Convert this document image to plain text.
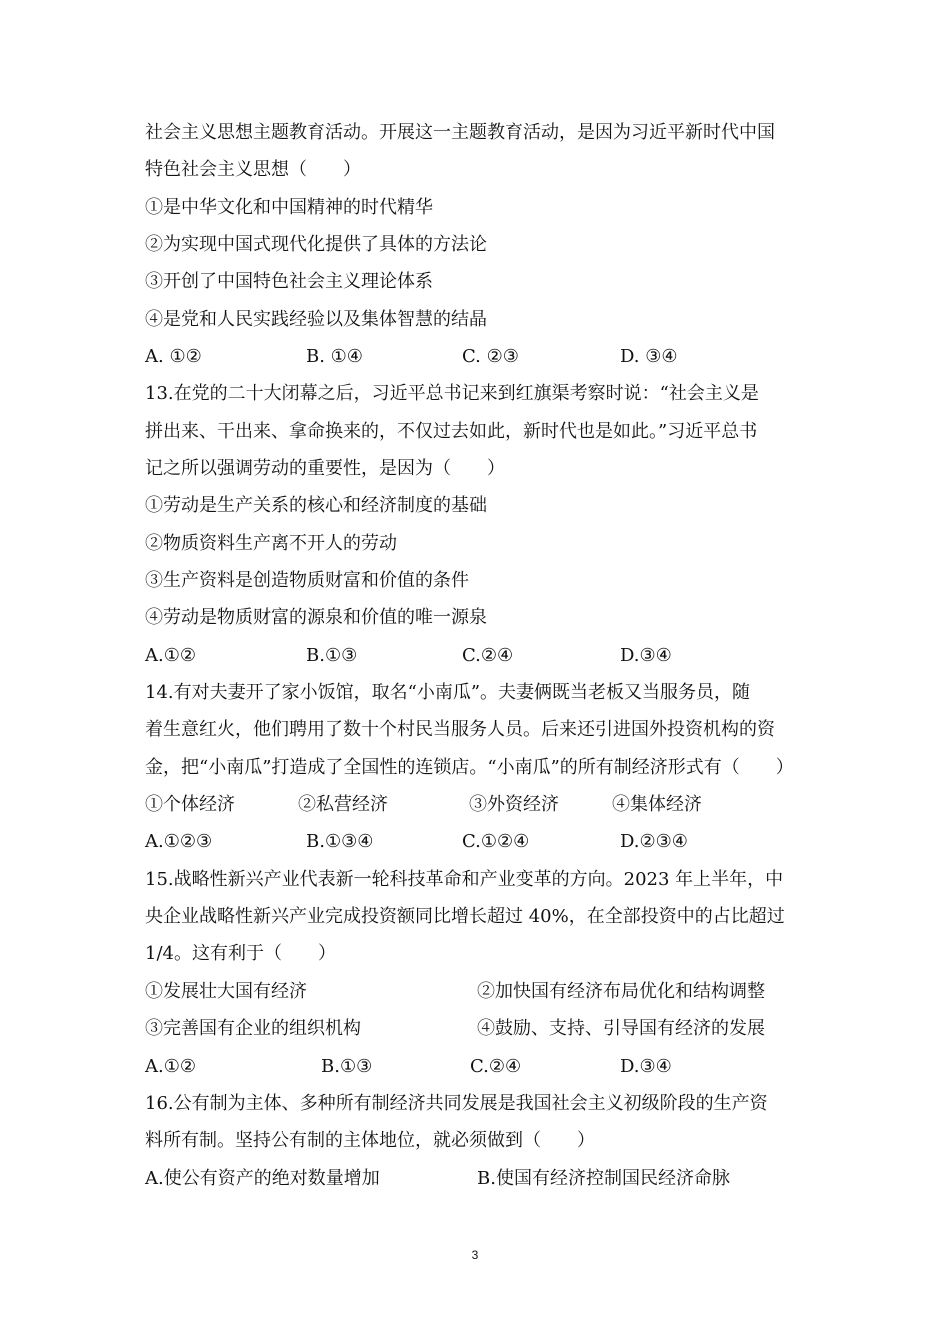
社会主义思想主题教育活动。开展这一主题教育活动，是因为习近平新时代中国
特色社会主义思想（　　）
①是中华文化和中国精神的时代精华
②为实现中国式现代化提供了具体的方法论
③开创了中国特色社会主义理论体系
④是党和人民实践经验以及集体智慧的结晶
A. ①②	B. ①④	C. ②③	D. ③④
13.在党的二十大闭幕之后，习近平总书记来到红旗渠考察时说：“社会主义是
拼出来、干出来、拿命换来的，不仅过去如此，新时代也是如此。”习近平总书
记之所以强调劳动的重要性，是因为（　　）
①劳动是生产关系的核心和经济制度的基础
②物质资料生产离不开人的劳动
③生产资料是创造物质财富和价值的条件
④劳动是物质财富的源泉和价值的唯一源泉
A.①②	B.①③	C.②④	D.③④
14.有对夫妻开了家小饭馆，取名“小南瓜”。夫妻俩既当老板又当服务员，随
着生意红火，他们聘用了数十个村民当服务人员。后来还引进国外投资机构的资
金，把“小南瓜”打造成了全国性的连锁店。“小南瓜”的所有制经济形式有（　　）
①个体经济	②私营经济	③外资经济	④集体经济
A.①②③	B.①③④	C.①②④	D.②③④
15.战略性新兴产业代表新一轮科技革命和产业变革的方向。2023 年上半年，中
央企业战略性新兴产业完成投资额同比增长超过 40%，在全部投资中的占比超过
1/4。这有利于（　　）
①发展壮大国有经济	②加快国有经济布局优化和结构调整
③完善国有企业的组织机构	④鼓励、支持、引导国有经济的发展
A.①②	B.①③	C.②④	D.③④
16.公有制为主体、多种所有制经济共同发展是我国社会主义初级阶段的生产资
料所有制。坚持公有制的主体地位，就必须做到（　　）
A.使公有资产的绝对数量增加	B.使国有经济控制国民经济命脉
3
